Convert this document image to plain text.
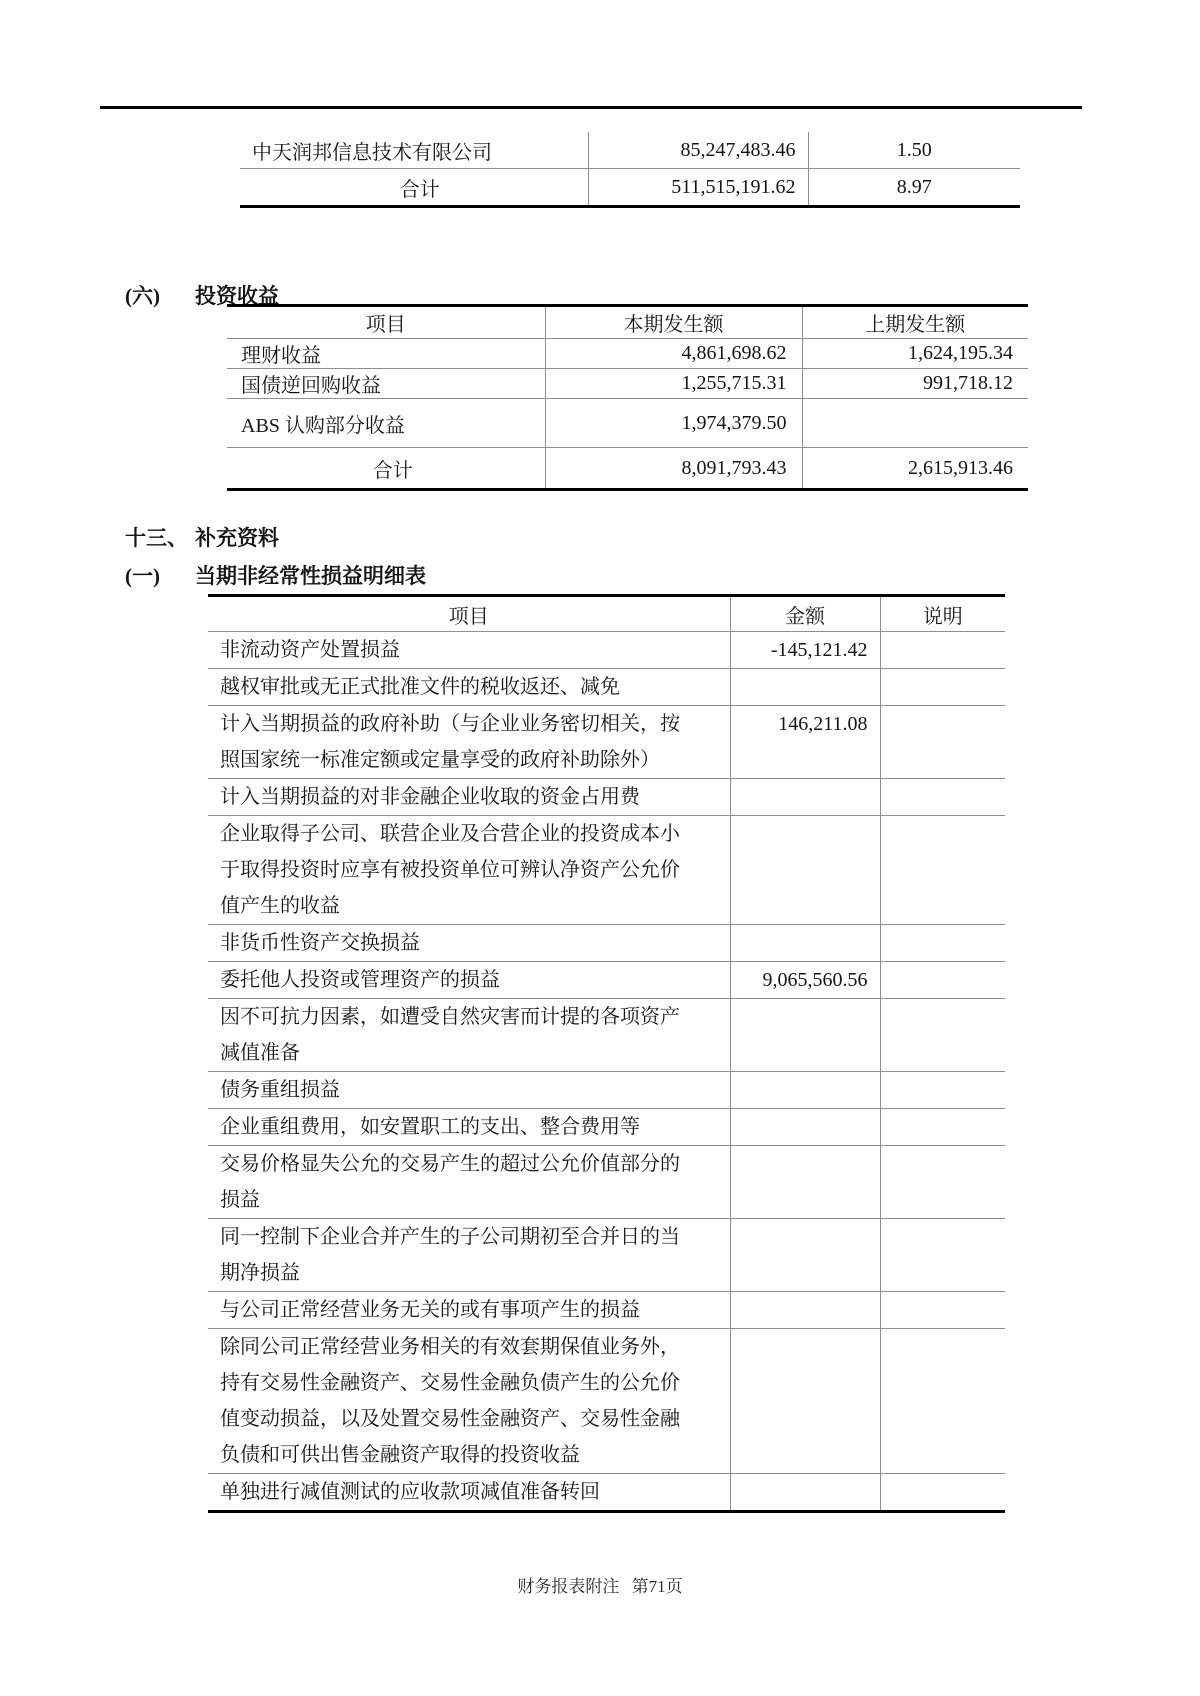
中天润邦信息技术有限公司	85,247,483.46	1.50
合计	511,515,191.62	8.97
(六) 投资收益
项目	本期发生额	上期发生额
理财收益	4,861,698.62	1,624,195.34
国债逆回购收益	1,255,715.31	991,718.12
ABS 认购部分收益	1,974,379.50	
合计	8,091,793.43	2,615,913.46
十三、 补充资料
(一) 当期非经常性损益明细表
项目	金额	说明
非流动资产处置损益	-145,121.42	
越权审批或无正式批准文件的税收返还、减免		
计入当期损益的政府补助（与企业业务密切相关，按照国家统一标准定额或定量享受的政府补助除外）	146,211.08	
计入当期损益的对非金融企业收取的资金占用费		
企业取得子公司、联营企业及合营企业的投资成本小于取得投资时应享有被投资单位可辨认净资产公允价值产生的收益		
非货币性资产交换损益		
委托他人投资或管理资产的损益	9,065,560.56	
因不可抗力因素，如遭受自然灾害而计提的各项资产减值准备		
债务重组损益		
企业重组费用，如安置职工的支出、整合费用等		
交易价格显失公允的交易产生的超过公允价值部分的损益		
同一控制下企业合并产生的子公司期初至合并日的当期净损益		
与公司正常经营业务无关的或有事项产生的损益		
除同公司正常经营业务相关的有效套期保值业务外，持有交易性金融资产、交易性金融负债产生的公允价值变动损益，以及处置交易性金融资产、交易性金融负债和可供出售金融资产取得的投资收益		
单独进行减值测试的应收款项减值准备转回		
财务报表附注 第71页
